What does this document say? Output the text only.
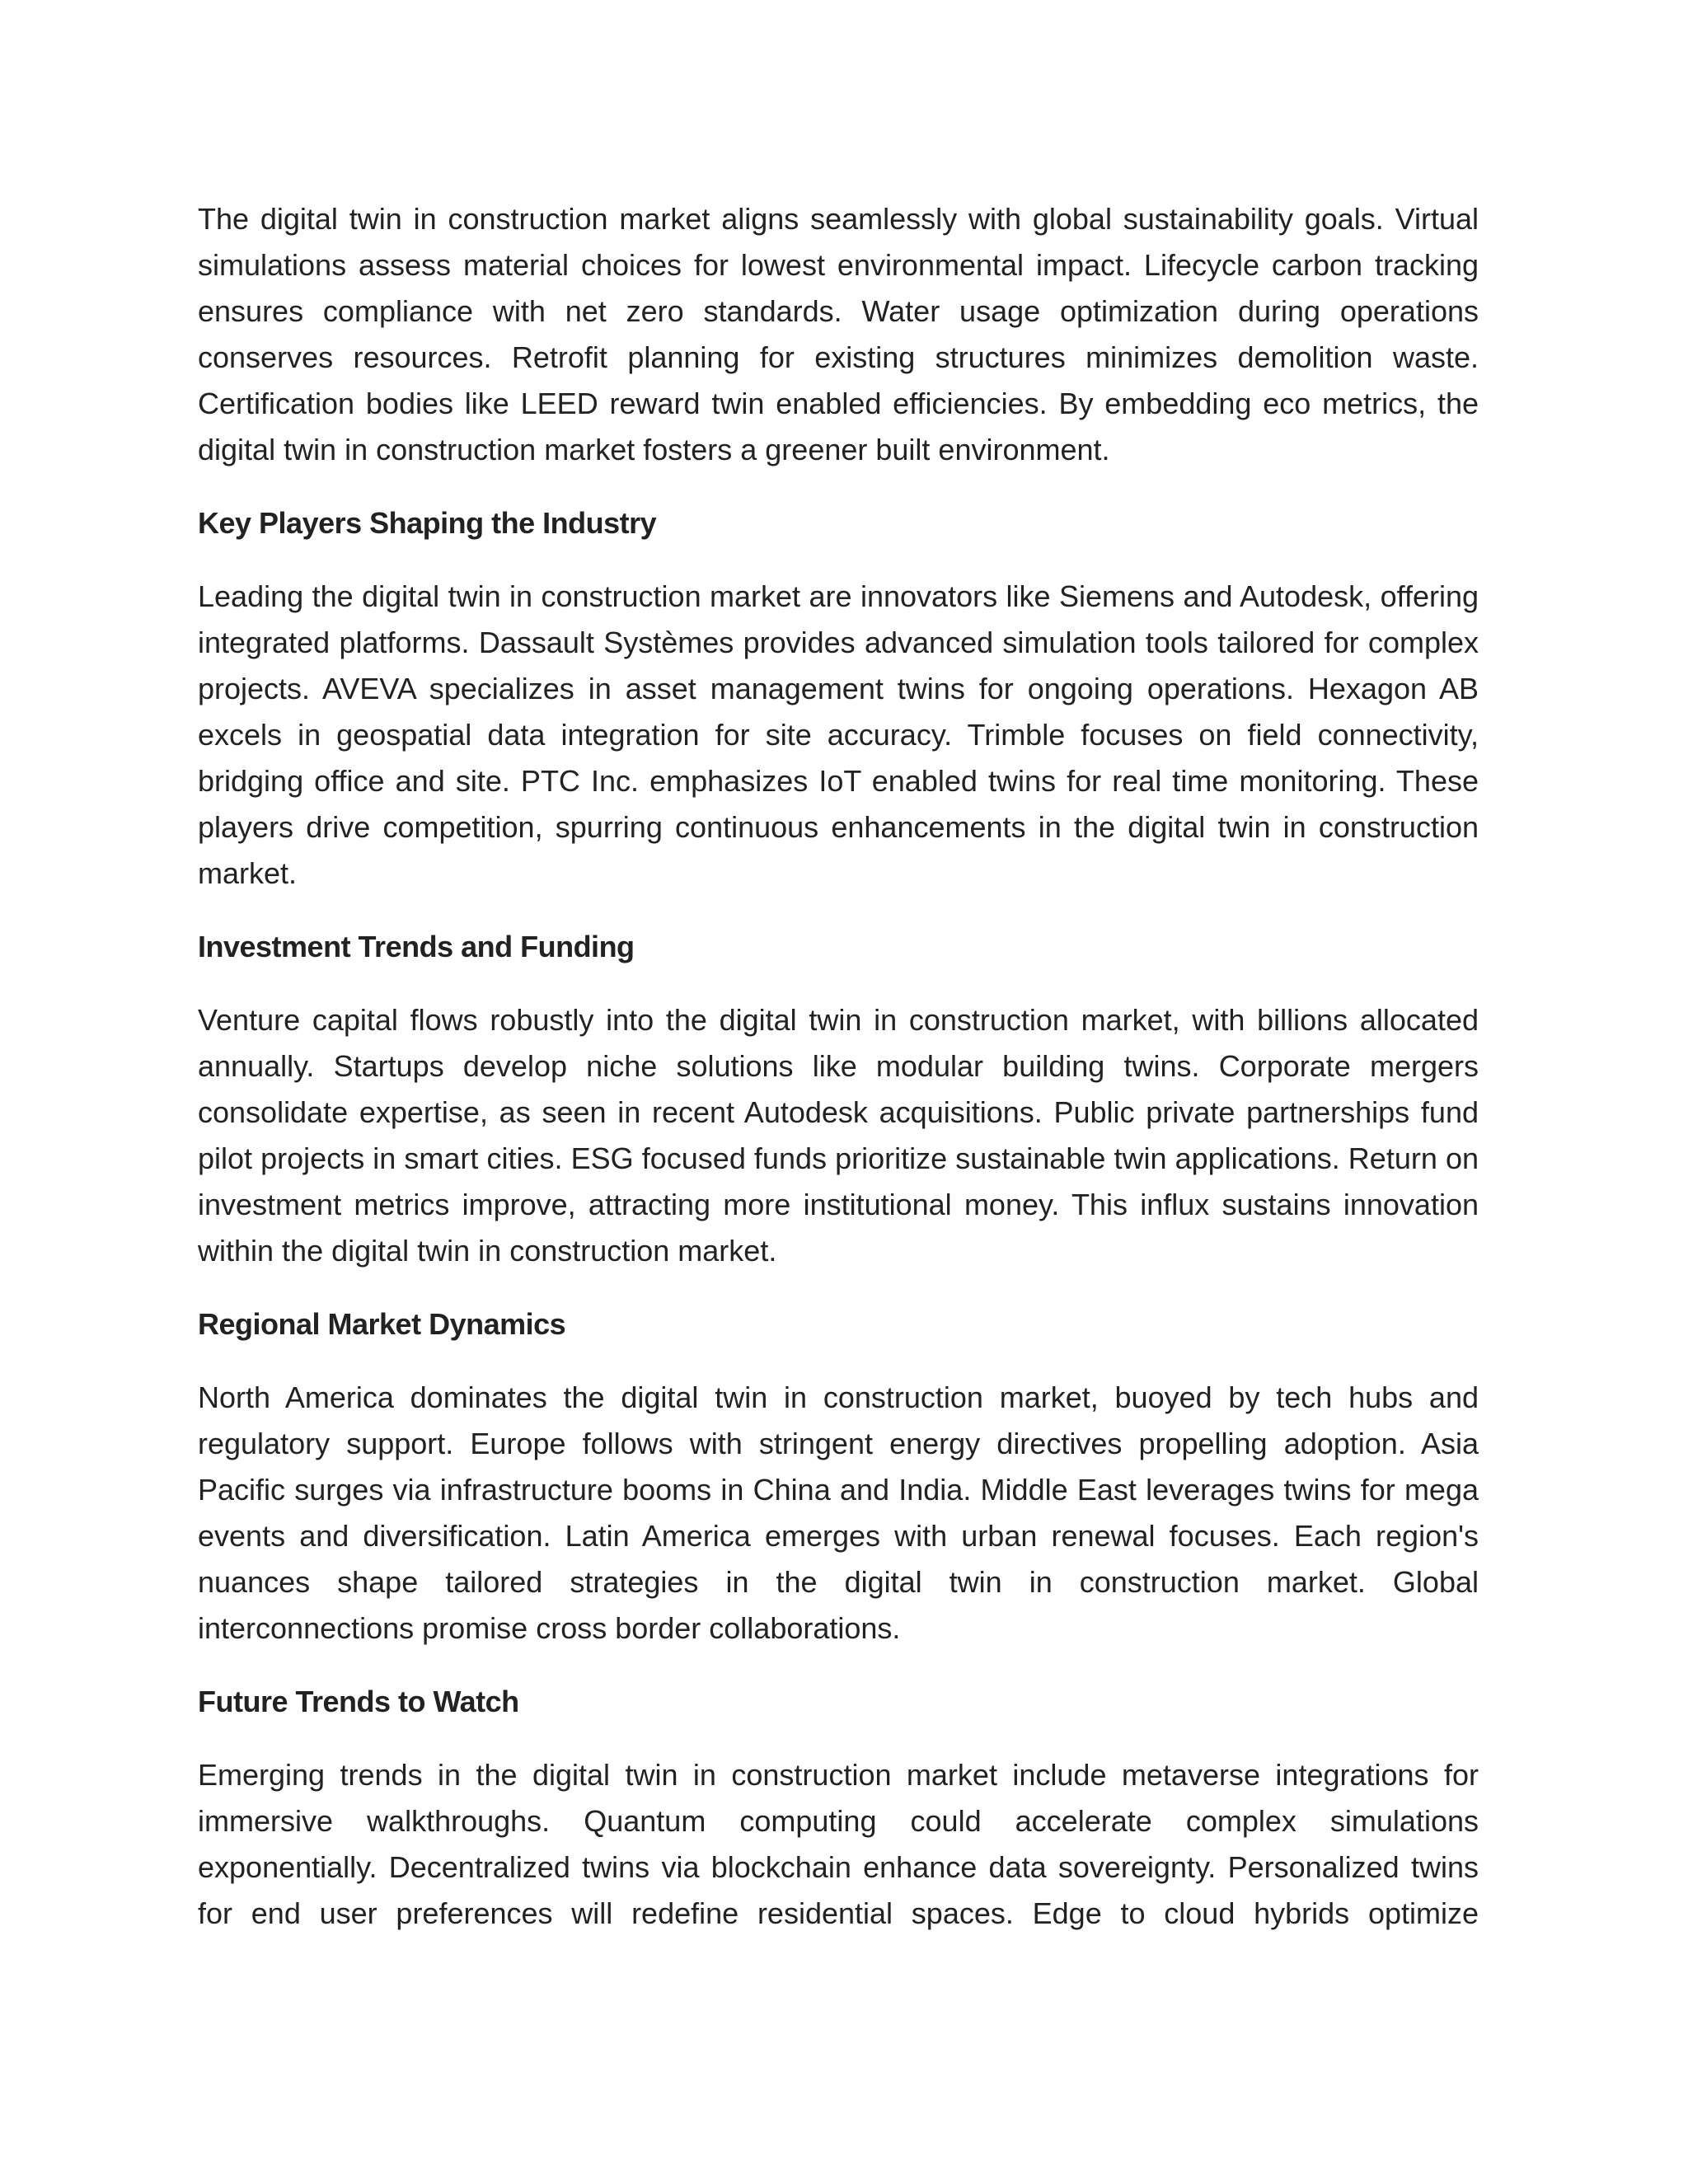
The digital twin in construction market aligns seamlessly with global sustainability goals. Virtual simulations assess material choices for lowest environmental impact. Lifecycle carbon tracking ensures compliance with net zero standards. Water usage optimization during operations conserves resources. Retrofit planning for existing structures minimizes demolition waste. Certification bodies like LEED reward twin enabled efficiencies. By embedding eco metrics, the digital twin in construction market fosters a greener built environment.

Key Players Shaping the Industry

Leading the digital twin in construction market are innovators like Siemens and Autodesk, offering integrated platforms. Dassault Systèmes provides advanced simulation tools tailored for complex projects. AVEVA specializes in asset management twins for ongoing operations. Hexagon AB excels in geospatial data integration for site accuracy. Trimble focuses on field connectivity, bridging office and site. PTC Inc. emphasizes IoT enabled twins for real time monitoring. These players drive competition, spurring continuous enhancements in the digital twin in construction market.

Investment Trends and Funding

Venture capital flows robustly into the digital twin in construction market, with billions allocated annually. Startups develop niche solutions like modular building twins. Corporate mergers consolidate expertise, as seen in recent Autodesk acquisitions. Public private partnerships fund pilot projects in smart cities. ESG focused funds prioritize sustainable twin applications. Return on investment metrics improve, attracting more institutional money. This influx sustains innovation within the digital twin in construction market.

Regional Market Dynamics

North America dominates the digital twin in construction market, buoyed by tech hubs and regulatory support. Europe follows with stringent energy directives propelling adoption. Asia Pacific surges via infrastructure booms in China and India. Middle East leverages twins for mega events and diversification. Latin America emerges with urban renewal focuses. Each region's nuances shape tailored strategies in the digital twin in construction market. Global interconnections promise cross border collaborations.

Future Trends to Watch

Emerging trends in the digital twin in construction market include metaverse integrations for immersive walkthroughs. Quantum computing could accelerate complex simulations exponentially. Decentralized twins via blockchain enhance data sovereignty. Personalized twins for end user preferences will redefine residential spaces. Edge to cloud hybrids optimize
